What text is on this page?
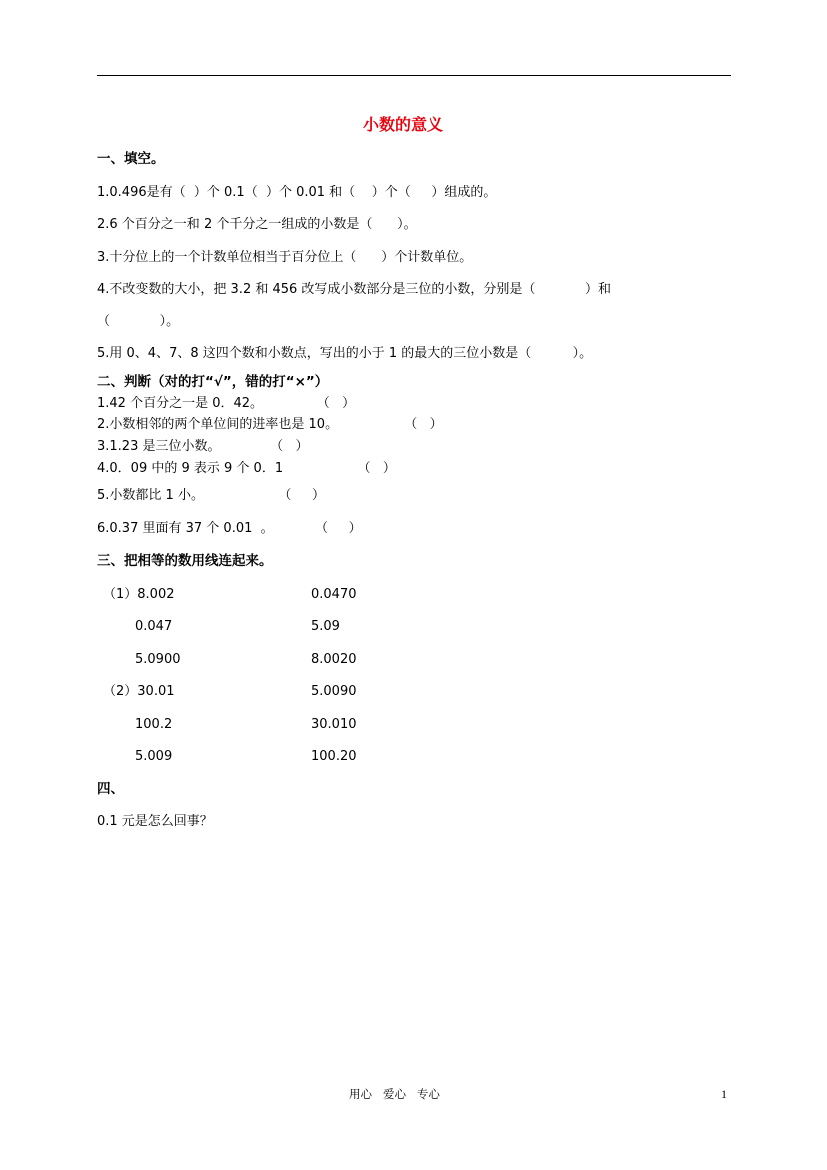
小数的意义
一、填空。
1.0.496是有（  ）个 0.1（  ）个 0.01 和（    ）个（     ）组成的。
2.6 个百分之一和 2 个千分之一组成的小数是（      ）。
3.十分位上的一个计数单位相当于百分位上（      ）个计数单位。
4.不改变数的大小，把 3.2 和 456 改写成小数部分是三位的小数，分别是（            ）和
（            ）。
5.用 0、4、7、8 这四个数和小数点，写出的小于 1 的最大的三位小数是（          ）。
二、判断（对的打“√”，错的打“×”）
1.42 个百分之一是 0．42。             （   ）
2.小数相邻的两个单位间的进率也是 10。                （   ）
3.1.23 是三位小数。            （   ）
4.0．09 中的 9 表示 9 个 0．1                  （   ）
5.小数都比 1 小。                  （     ）
6.0.37 里面有 37 个 0.01  。          （     ）
三、把相等的数用线连起来。
（1）8.002	0.0470
0.047	5.09
5.0900	8.0020
（2）30.01	5.0090
100.2	30.010
5.009	100.20
四、
0.1 元是怎么回事？
用心   爱心   专心	1
